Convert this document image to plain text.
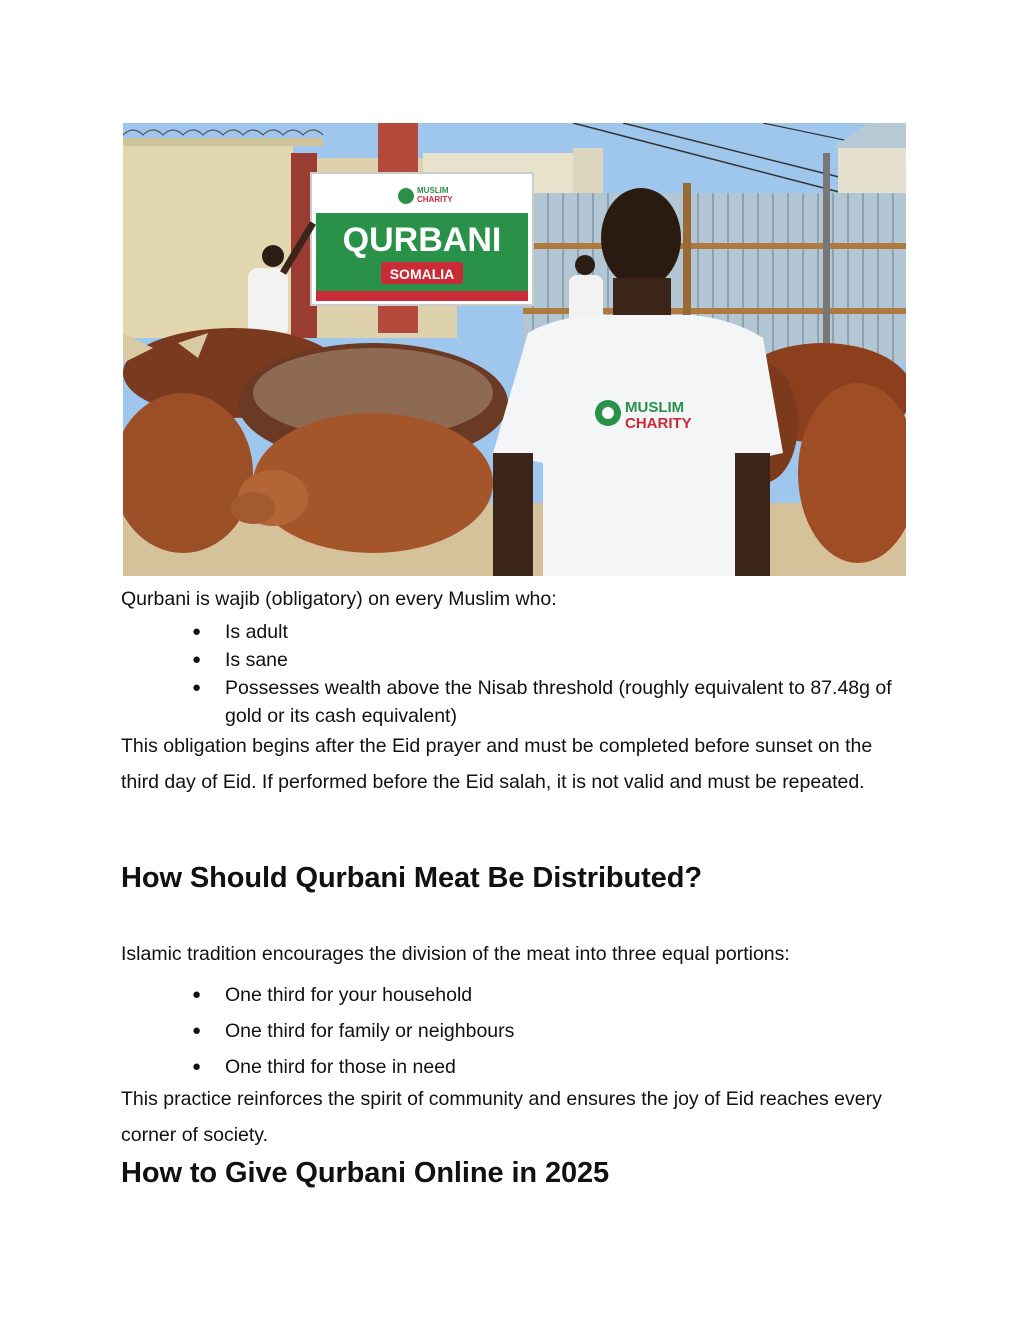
MUSLIM
CHARITY
QURBANI
SOMALIA
MUSLIM
CHARITY

Qurbani is wajib (obligatory) on every Muslim who:

● Is adult
● Is sane
● Possesses wealth above the Nisab threshold (roughly equivalent to 87.48g of gold or its cash equivalent)

This obligation begins after the Eid prayer and must be completed before sunset on the third day of Eid. If performed before the Eid salah, it is not valid and must be repeated.

How Should Qurbani Meat Be Distributed?

Islamic tradition encourages the division of the meat into three equal portions:

● One third for your household
● One third for family or neighbours
● One third for those in need

This practice reinforces the spirit of community and ensures the joy of Eid reaches every corner of society.

How to Give Qurbani Online in 2025
